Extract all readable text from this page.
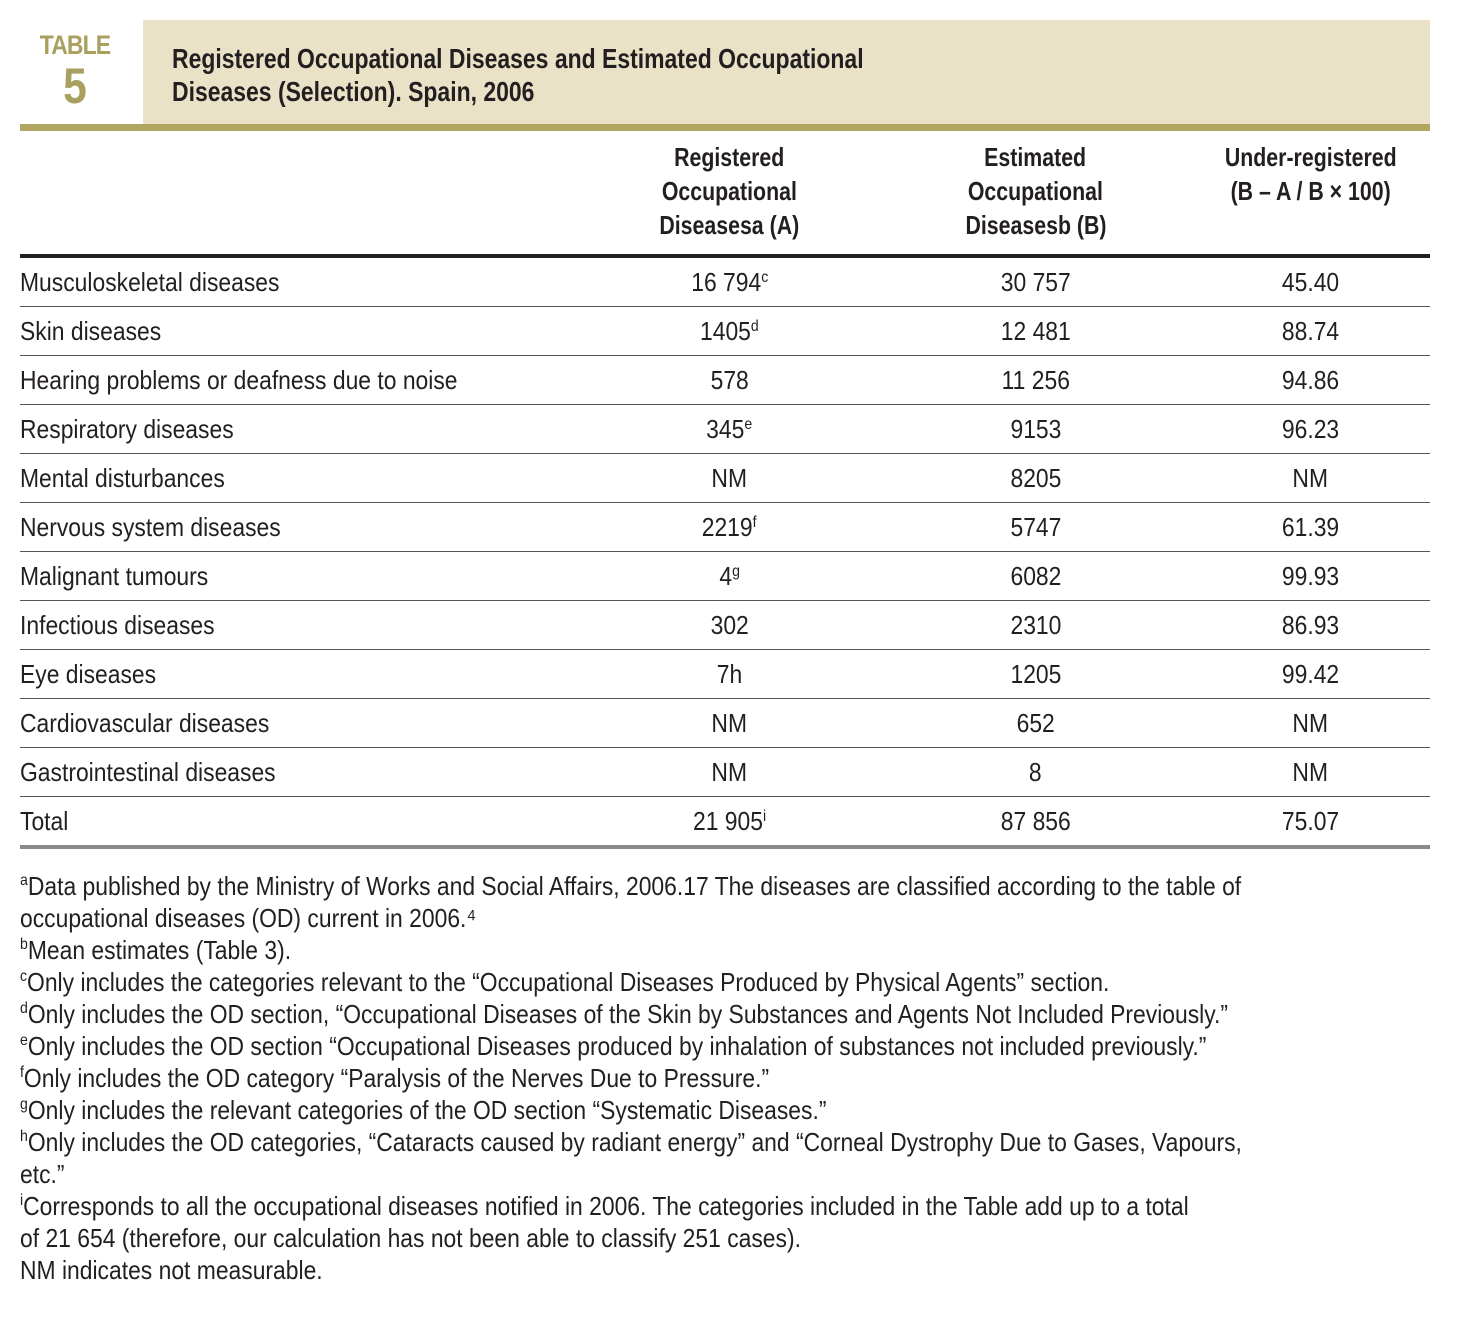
TABLE
5	Registered Occupational Diseases and Estimated Occupational
Diseases (Selection). Spain, 2006
	Registered
Occupational
Diseasesa (A)	Estimated
Occupational
Diseasesb (B)	Under-registered
(B – A / B × 100)
Musculoskeletal diseases	16 794$^c$	30 757	45.40
Skin diseases	1405$^d$	12 481	88.74
Hearing problems or deafness due to noise	578	11 256	94.86
Respiratory diseases	345e	9153	96.23
Mental disturbances	NM	8205	NM
Nervous system diseases	2219$^f$	5747	61.39
Malignant tumours	4$^g$	6082	99.93
Infectious diseases	302	2310	86.93
Eye diseases	7h	1205	99.42
Cardiovascular diseases	NM	652	NM
Gastrointestinal diseases	NM	8	NM
Total	21 905$^i$	87 856	75.07

$^a$Data published by the Ministry of Works and Social Affairs, 2006.17 The diseases are classified according to the table of
occupational diseases (OD) current in 2006.⁴

$^b$Mean estimates (Table 3).

$^c$Only includes the categories relevant to the “Occupational Diseases Produced by Physical Agents” section.

$^d$Only includes the OD section, “Occupational Diseases of the Skin by Substances and Agents Not Included Previously.”

$^e$Only includes the OD section “Occupational Diseases produced by inhalation of substances not included previously.”

$^f$Only includes the OD category “Paralysis of the Nerves Due to Pressure.”

$^g$Only includes the relevant categories of the OD section “Systematic Diseases.”

$^h$Only includes the OD categories, “Cataracts caused by radiant energy” and “Corneal Dystrophy Due to Gases, Vapours,
etc.”

$^i$Corresponds to all the occupational diseases notified in 2006. The categories included in the Table add up to a total
of 21 654 (therefore, our calculation has not been able to classify 251 cases).

NM indicates not measurable.
